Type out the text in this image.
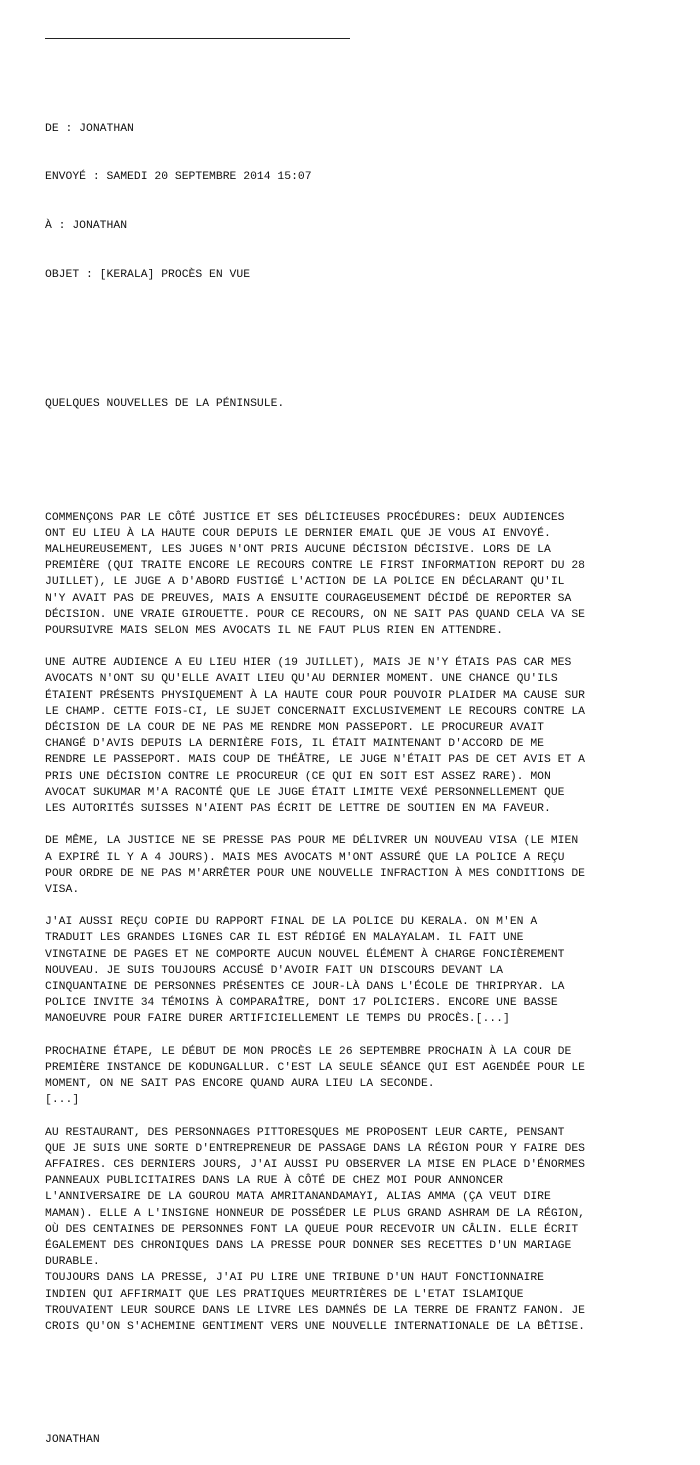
DE : JONATHAN

ENVOYÉ : SAMEDI 20 SEPTEMBRE 2014 15:07

À : JONATHAN

OBJET : [KERALA] PROCÈS EN VUE

QUELQUES NOUVELLES DE LA PÉNINSULE.

COMMENÇONS PAR LE CÔTÉ JUSTICE ET SES DÉLICIEUSES PROCÉDURES: DEUX AUDIENCES
ONT EU LIEU À LA HAUTE COUR DEPUIS LE DERNIER EMAIL QUE JE VOUS AI ENVOYÉ.
MALHEUREUSEMENT, LES JUGES N'ONT PRIS AUCUNE DÉCISION DÉCISIVE. LORS DE LA
PREMIÈRE (QUI TRAITE ENCORE LE RECOURS CONTRE LE FIRST INFORMATION REPORT DU 28
JUILLET), LE JUGE A D'ABORD FUSTIGÉ L'ACTION DE LA POLICE EN DÉCLARANT QU'IL
N'Y AVAIT PAS DE PREUVES, MAIS A ENSUITE COURAGEUSEMENT DÉCIDÉ DE REPORTER SA
DÉCISION. UNE VRAIE GIROUETTE. POUR CE RECOURS, ON NE SAIT PAS QUAND CELA VA SE
POURSUIVRE MAIS SELON MES AVOCATS IL NE FAUT PLUS RIEN EN ATTENDRE.
UNE AUTRE AUDIENCE A EU LIEU HIER (19 JUILLET), MAIS JE N'Y ÉTAIS PAS CAR MES
AVOCATS N'ONT SU QU'ELLE AVAIT LIEU QU'AU DERNIER MOMENT. UNE CHANCE QU'ILS
ÉTAIENT PRÉSENTS PHYSIQUEMENT À LA HAUTE COUR POUR POUVOIR PLAIDER MA CAUSE SUR
LE CHAMP. CETTE FOIS-CI, LE SUJET CONCERNAIT EXCLUSIVEMENT LE RECOURS CONTRE LA
DÉCISION DE LA COUR DE NE PAS ME RENDRE MON PASSEPORT. LE PROCUREUR AVAIT
CHANGÉ D'AVIS DEPUIS LA DERNIÈRE FOIS, IL ÉTAIT MAINTENANT D'ACCORD DE ME
RENDRE LE PASSEPORT. MAIS COUP DE THÉÂTRE, LE JUGE N'ÉTAIT PAS DE CET AVIS ET A
PRIS UNE DÉCISION CONTRE LE PROCUREUR (CE QUI EN SOIT EST ASSEZ RARE). MON
AVOCAT SUKUMAR M'A RACONTÉ QUE LE JUGE ÉTAIT LIMITE VEXÉ PERSONNELLEMENT QUE
LES AUTORITÉS SUISSES N'AIENT PAS ÉCRIT DE LETTRE DE SOUTIEN EN MA FAVEUR.
DE MÊME, LA JUSTICE NE SE PRESSE PAS POUR ME DÉLIVRER UN NOUVEAU VISA (LE MIEN
A EXPIRÉ IL Y A 4 JOURS). MAIS MES AVOCATS M'ONT ASSURÉ QUE LA POLICE A REÇU
POUR ORDRE DE NE PAS M'ARRÊTER POUR UNE NOUVELLE INFRACTION À MES CONDITIONS DE
VISA.
J'AI AUSSI REÇU COPIE DU RAPPORT FINAL DE LA POLICE DU KERALA. ON M'EN A
TRADUIT LES GRANDES LIGNES CAR IL EST RÉDIGÉ EN MALAYALAM. IL FAIT UNE
VINGTAINE DE PAGES ET NE COMPORTE AUCUN NOUVEL ÉLÉMENT À CHARGE FONCIÈREMENT
NOUVEAU. JE SUIS TOUJOURS ACCUSÉ D'AVOIR FAIT UN DISCOURS DEVANT LA
CINQUANTAINE DE PERSONNES PRÉSENTES CE JOUR-LÀ DANS L'ÉCOLE DE THRIPRYAR. LA
POLICE INVITE 34 TÉMOINS À COMPARAÎTRE, DONT 17 POLICIERS. ENCORE UNE BASSE
MANOEUVRE POUR FAIRE DURER ARTIFICIELLEMENT LE TEMPS DU PROCÈS.[...]
PROCHAINE ÉTAPE, LE DÉBUT DE MON PROCÈS LE 26 SEPTEMBRE PROCHAIN À LA COUR DE
PREMIÈRE INSTANCE DE KODUNGALLUR. C'EST LA SEULE SÉANCE QUI EST AGENDÉE POUR LE
MOMENT, ON NE SAIT PAS ENCORE QUAND AURA LIEU LA SECONDE.
[...]
AU RESTAURANT, DES PERSONNAGES PITTORESQUES ME PROPOSENT LEUR CARTE, PENSANT
QUE JE SUIS UNE SORTE D'ENTREPRENEUR DE PASSAGE DANS LA RÉGION POUR Y FAIRE DES
AFFAIRES. CES DERNIERS JOURS, J'AI AUSSI PU OBSERVER LA MISE EN PLACE D'ÉNORMES
PANNEAUX PUBLICITAIRES DANS LA RUE À CÔTÉ DE CHEZ MOI POUR ANNONCER
L'ANNIVERSAIRE DE LA GOUROU MATA AMRITANANDAMAYI, ALIAS AMMA (ÇA VEUT DIRE
MAMAN). ELLE A L'INSIGNE HONNEUR DE POSSÉDER LE PLUS GRAND ASHRAM DE LA RÉGION,
OÙ DES CENTAINES DE PERSONNES FONT LA QUEUE POUR RECEVOIR UN CÂLIN. ELLE ÉCRIT
ÉGALEMENT DES CHRONIQUES DANS LA PRESSE POUR DONNER SES RECETTES D'UN MARIAGE
DURABLE.
TOUJOURS DANS LA PRESSE, J'AI PU LIRE UNE TRIBUNE D'UN HAUT FONCTIONNAIRE
INDIEN QUI AFFIRMAIT QUE LES PRATIQUES MEURTRIÈRES DE L'ETAT ISLAMIQUE
TROUVAIENT LEUR SOURCE DANS LE LIVRE LES DAMNÉS DE LA TERRE DE FRANTZ FANON. JE
CROIS QU'ON S'ACHEMINE GENTIMENT VERS UNE NOUVELLE INTERNATIONALE DE LA BÊTISE.

JONATHAN
